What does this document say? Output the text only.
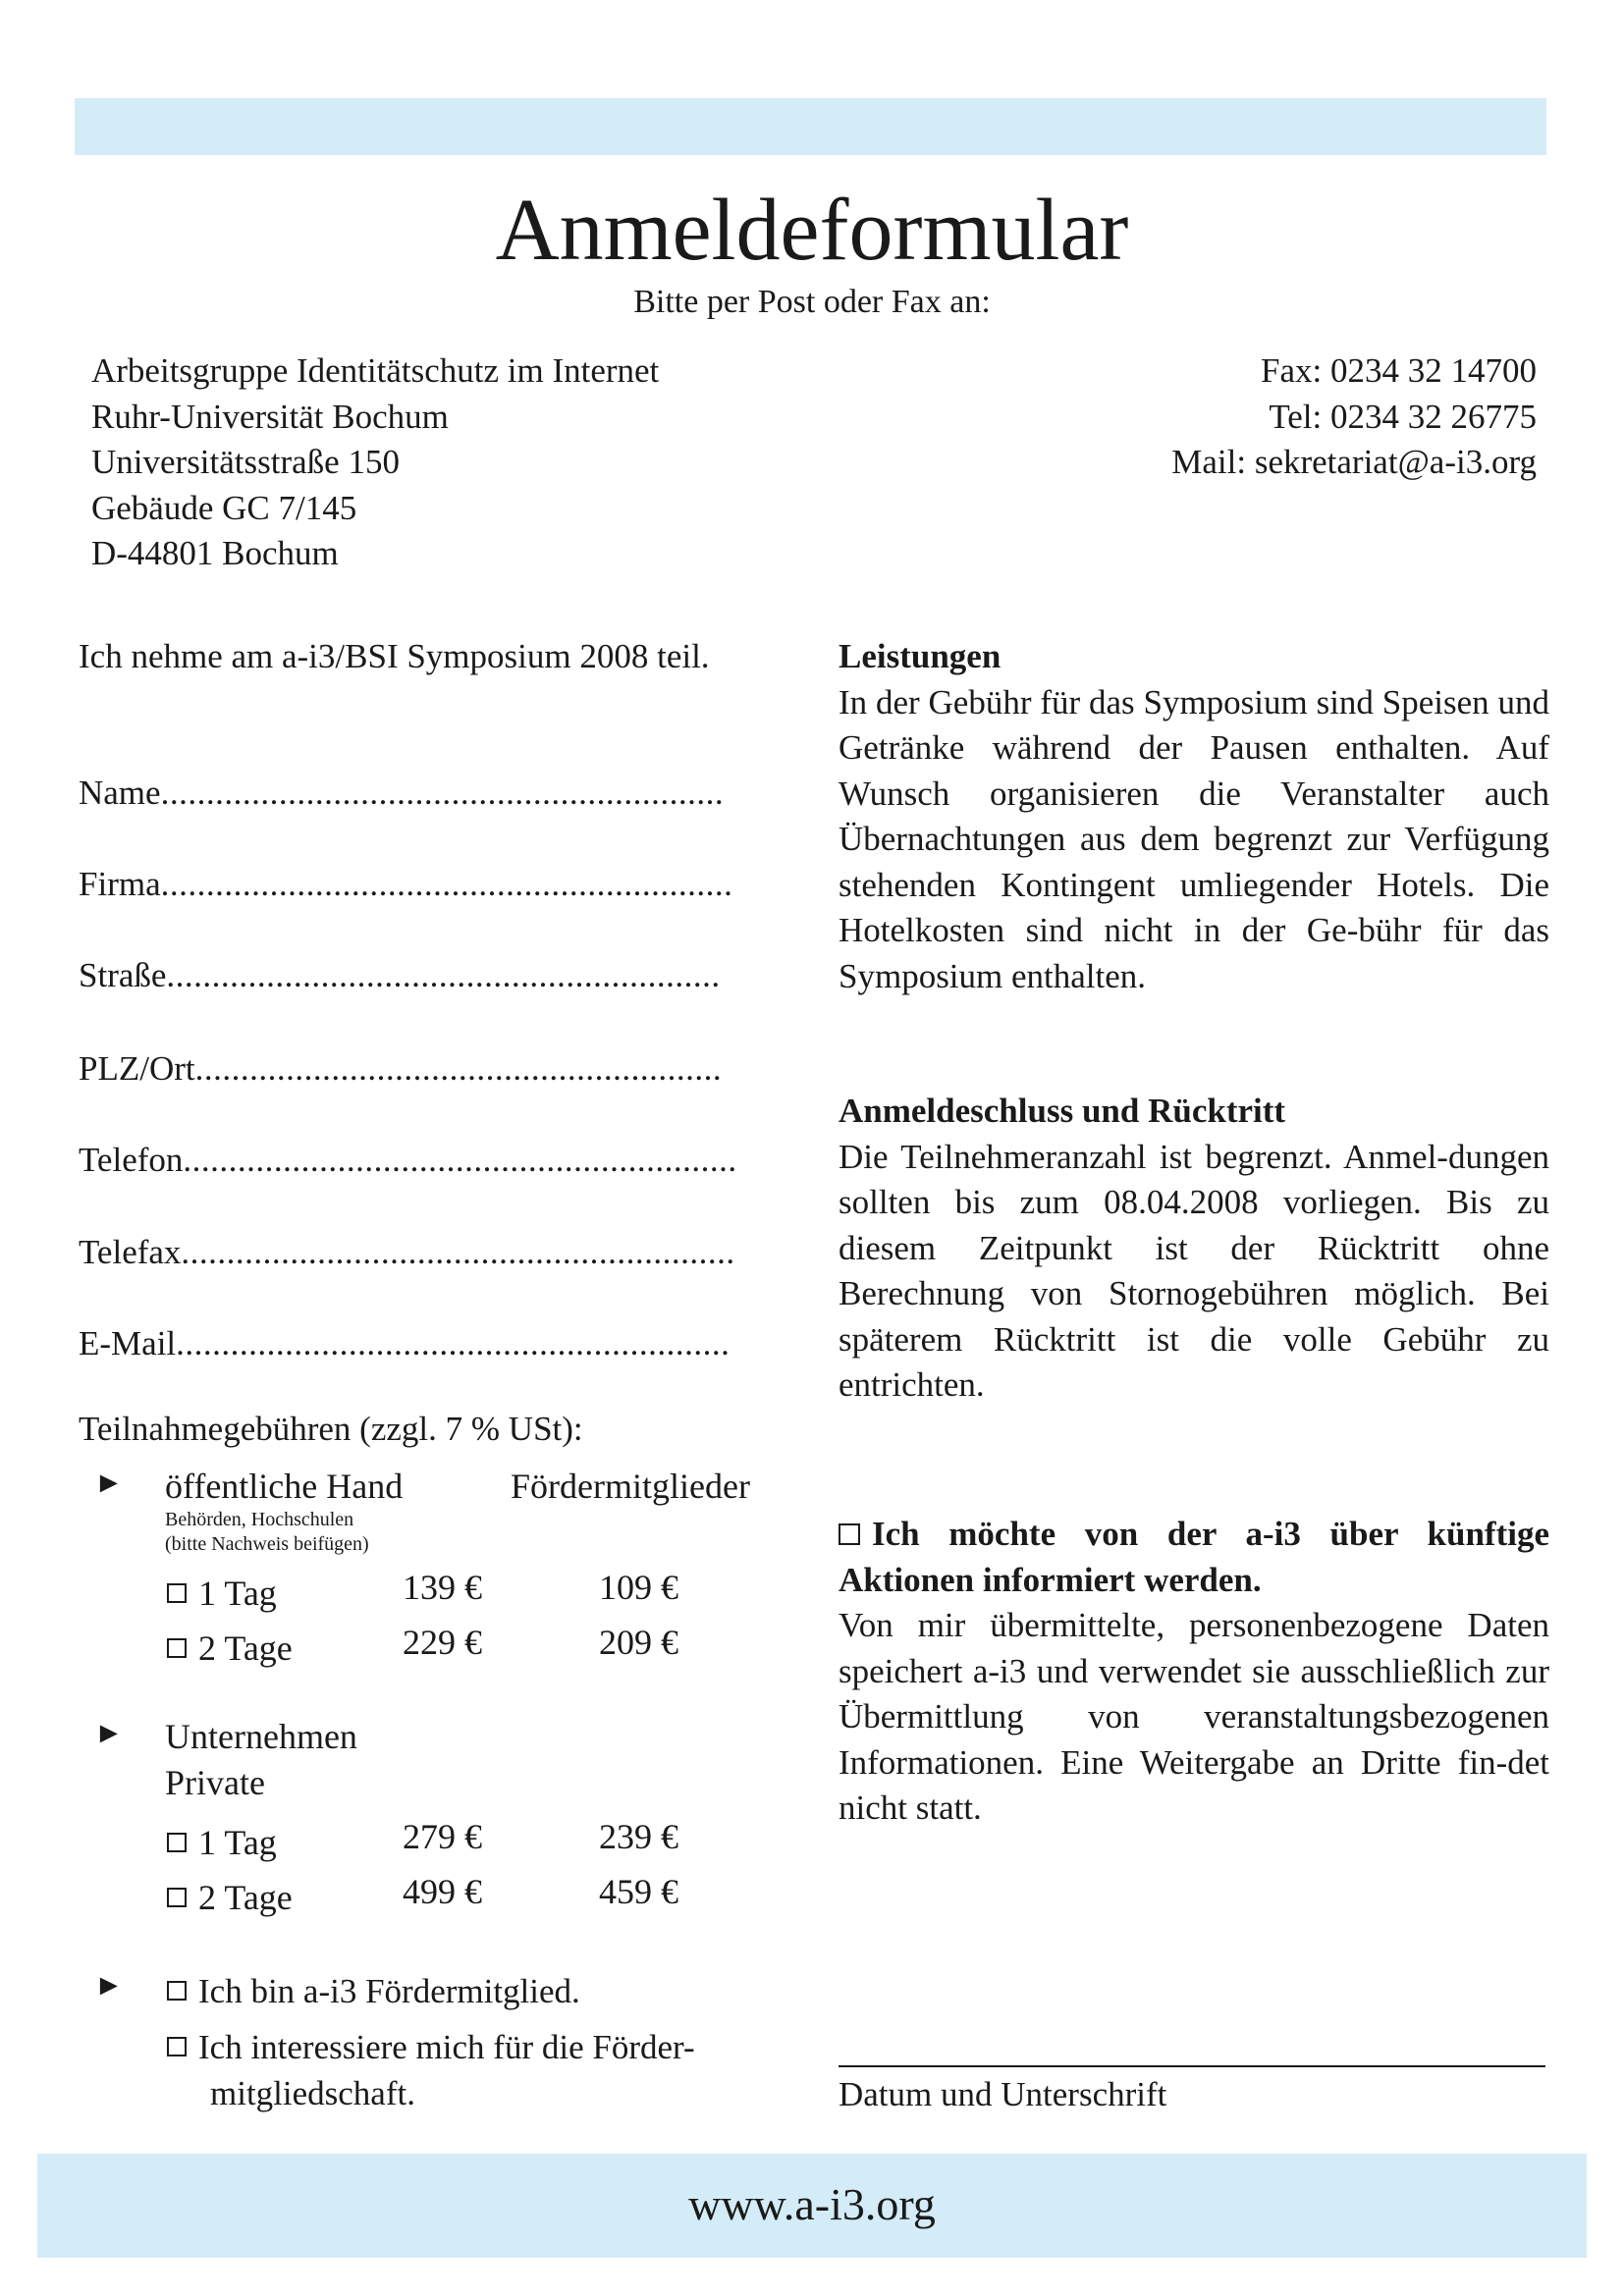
www.a-i3.org
Anmeldeformular
Bitte per Post oder Fax an:
Arbeitsgruppe Identitätschutz im Internet
Ruhr-Universität Bochum
Universitätsstraße 150
Gebäude GC 7/145
D-44801 Bochum
Fax: 0234 32 14700
Tel: 0234 32 26775
Mail: sekretariat@a-i3.org
Ich nehme am a-i3/BSI Symposium 2008 teil.
Name..............................................................
Firma...............................................................
Straße.............................................................
PLZ/Ort..........................................................
Telefon.............................................................
Telefax.............................................................
E-Mail.............................................................
Teilnahmegebühren (zzgl. 7 % USt):
► öffentliche Hand	Fördermitglieder
Behörden, Hochschulen
(bitte Nachweis beifügen)
1 Tag	139 €	109 €
2 Tage	229 €	209 €
► Unternehmen
Private
1 Tag	279 €	239 €
2 Tage	499 €	459 €
►	Ich bin a-i3 Fördermitglied.
Ich interessiere mich für die Förder-
mitgliedschaft.

Leistungen

In der Gebühr für das Symposium sind Speisen und Getränke während der Pausen enthalten. Auf Wunsch organisieren die Veranstalter auch Übernachtungen aus dem begrenzt zur Verfügung stehenden Kontingent umliegender Hotels. Die Hotelkosten sind nicht in der Ge-bühr für das Symposium enthalten.

Anmeldeschluss und Rücktritt

Die Teilnehmeranzahl ist begrenzt. Anmel-dungen sollten bis zum 08.04.2008 vorliegen. Bis zu diesem Zeitpunkt ist der Rücktritt ohne Berechnung von Stornogebühren möglich. Bei späterem Rücktritt ist die volle Gebühr zu entrichten.

Ich möchte von der a-i3 über künftige Aktionen informiert werden.

Von mir übermittelte, personenbezogene Daten speichert a-i3 und verwendet sie ausschließlich zur Übermittlung von veranstaltungsbezogenen Informationen. Eine Weitergabe an Dritte fin-det nicht statt.

Datum und Unterschrift
